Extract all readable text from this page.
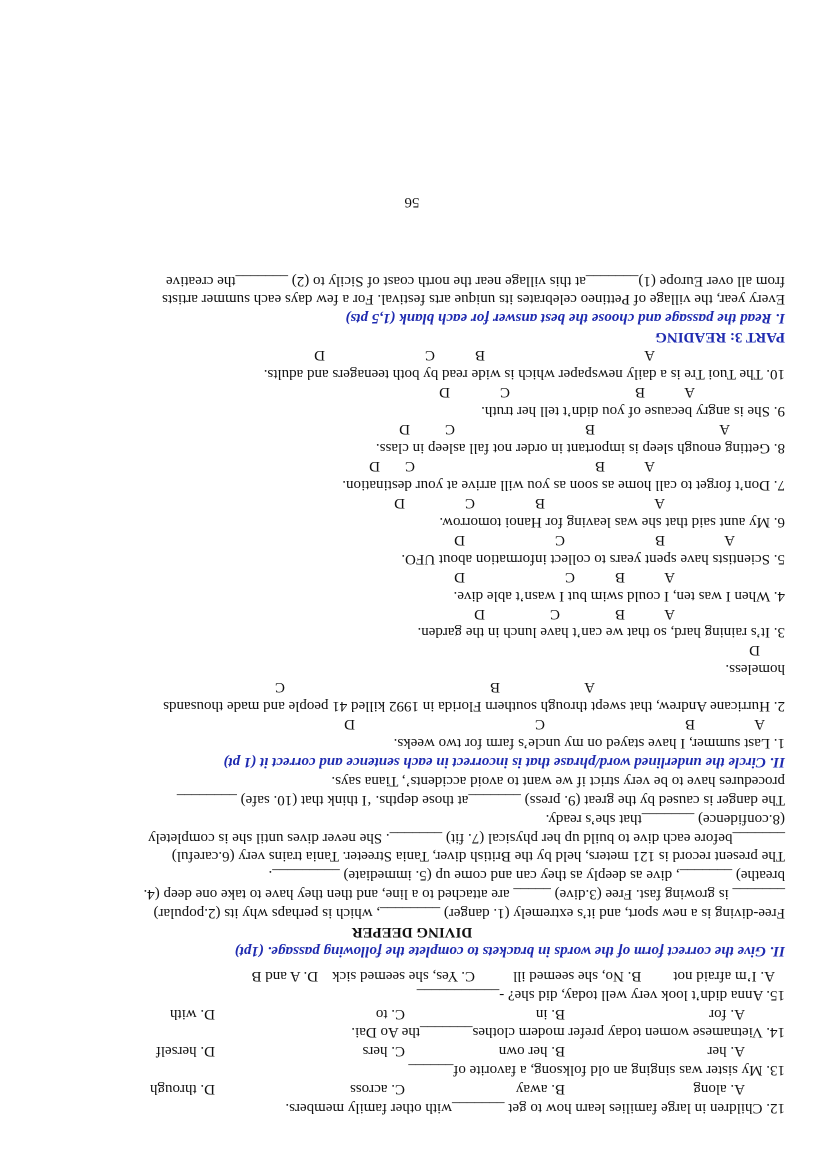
12. Children in large families learn how to get _______with other family members.
A. along
B. away
C. across
D. through
13. My sister was singing an old folksong, a favorite of______
A. her
B. her own
C. hers
D. herself
14. Vietnamese women today prefer modern clothes_______the Ao Dai.
A. for
B. in
C. to
D. with
15. Anna didn’t look very well today, did she? -___________
A. I’m afraid not
B. No, she seemed ill
C. Yes, she seemed sick
D. A and B
II. Give the correct form of the words in brackets to complete the following passage. (1pt)
DIVING DEEPER
Free-diving is a new sport, and it’s extremely (1. danger) ________, which is perhaps why its (2.popular)
_______ is growing fast. Free (3.dive) _____ are attached to a line, and then they have to take one deep (4.
breathe) _______, dive as deeply as they can and come up (5. immediate) _________.
The present record is 121 meters, held by the British diver, Tania Streeter. Tania trains very (6.careful)
_______before each dive to build up her physical (7. fit) _______. She never dives until she is completely
(8.confidence) _______that she’s ready.
The danger is caused by the great (9. press) _______at those depths. ‘I think that (10. safe) ________
procedures have to be very strict if we want to avoid accidents’, Tiana says.
II. Circle the underlined word/phrase that is incorrect in each sentence and correct it (1 pt)
1. Last summer, I have stayed on my uncle’s farm for two weeks.
A
B
C
D
2. Hurricane Andrew, that swept through southern Florida in 1992 killed 41 people and made thousands
A
B
C
homeless.
D
3. It’s raining hard, so that we can’t have lunch in the garden.
A
B
C
D
4. When I was ten, I could swim but I wasn’t able dive.
A
B
C
D
5. Scientists have spent years to collect information about UFO.
A
B
C
D
6. My aunt said that she was leaving for Hanoi tomorrow.
A
B
C
D
7. Don’t forget to call home as soon as you will arrive at your destination.
A
B
C
D
8. Getting enough sleep is important in order not fall asleep in class.
A
B
C
D
9. She is angry because of you didn’t tell her truth.
A
B
C
D
10. The Tuoi Tre is a daily newspaper which is wide read by both teenagers and adults.
A
B
C
D
PART 3: READING
I. Read the passage and choose the best answer for each blank (1,5 pts)
Every year, the village of Pettineo celebrates its unique arts festival. For a few days each summer artists
from all over Europe (1)_______at this village near the north coast of Sicily to (2) _______the creative
56
